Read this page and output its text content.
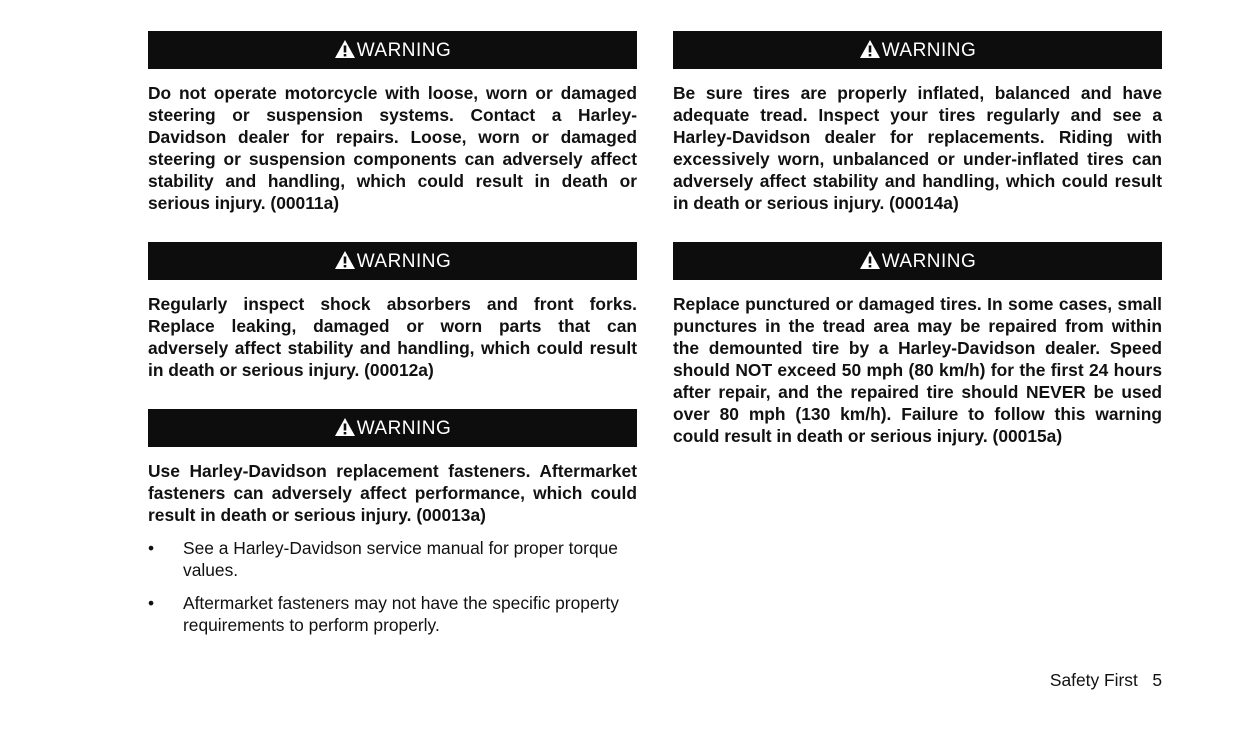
WARNING

Do not operate motorcycle with loose, worn or damaged steering or suspension systems. Contact a Harley-Davidson dealer for repairs. Loose, worn or damaged steering or suspension components can adversely affect stability and handling, which could result in death or serious injury. (00011a)

WARNING

Regularly inspect shock absorbers and front forks. Replace leaking, damaged or worn parts that can adversely affect stability and handling, which could result in death or serious injury. (00012a)

WARNING

Use Harley-Davidson replacement fasteners. Aftermarket fasteners can adversely affect performance, which could result in death or serious injury. (00013a)

• See a Harley-Davidson service manual for proper torque values.
• Aftermarket fasteners may not have the specific property requirements to perform properly.
WARNING

Be sure tires are properly inflated, balanced and have adequate tread. Inspect your tires regularly and see a Harley-Davidson dealer for replacements. Riding with excessively worn, unbalanced or under-inflated tires can adversely affect stability and handling, which could result in death or serious injury. (00014a)

WARNING

Replace punctured or damaged tires. In some cases, small punctures in the tread area may be repaired from within the demounted tire by a Harley-Davidson dealer. Speed should NOT exceed 50 mph (80 km/h) for the first 24 hours after repair, and the repaired tire should NEVER be used over 80 mph (130 km/h). Failure to follow this warning could result in death or serious injury. (00015a)

Safety First 5
